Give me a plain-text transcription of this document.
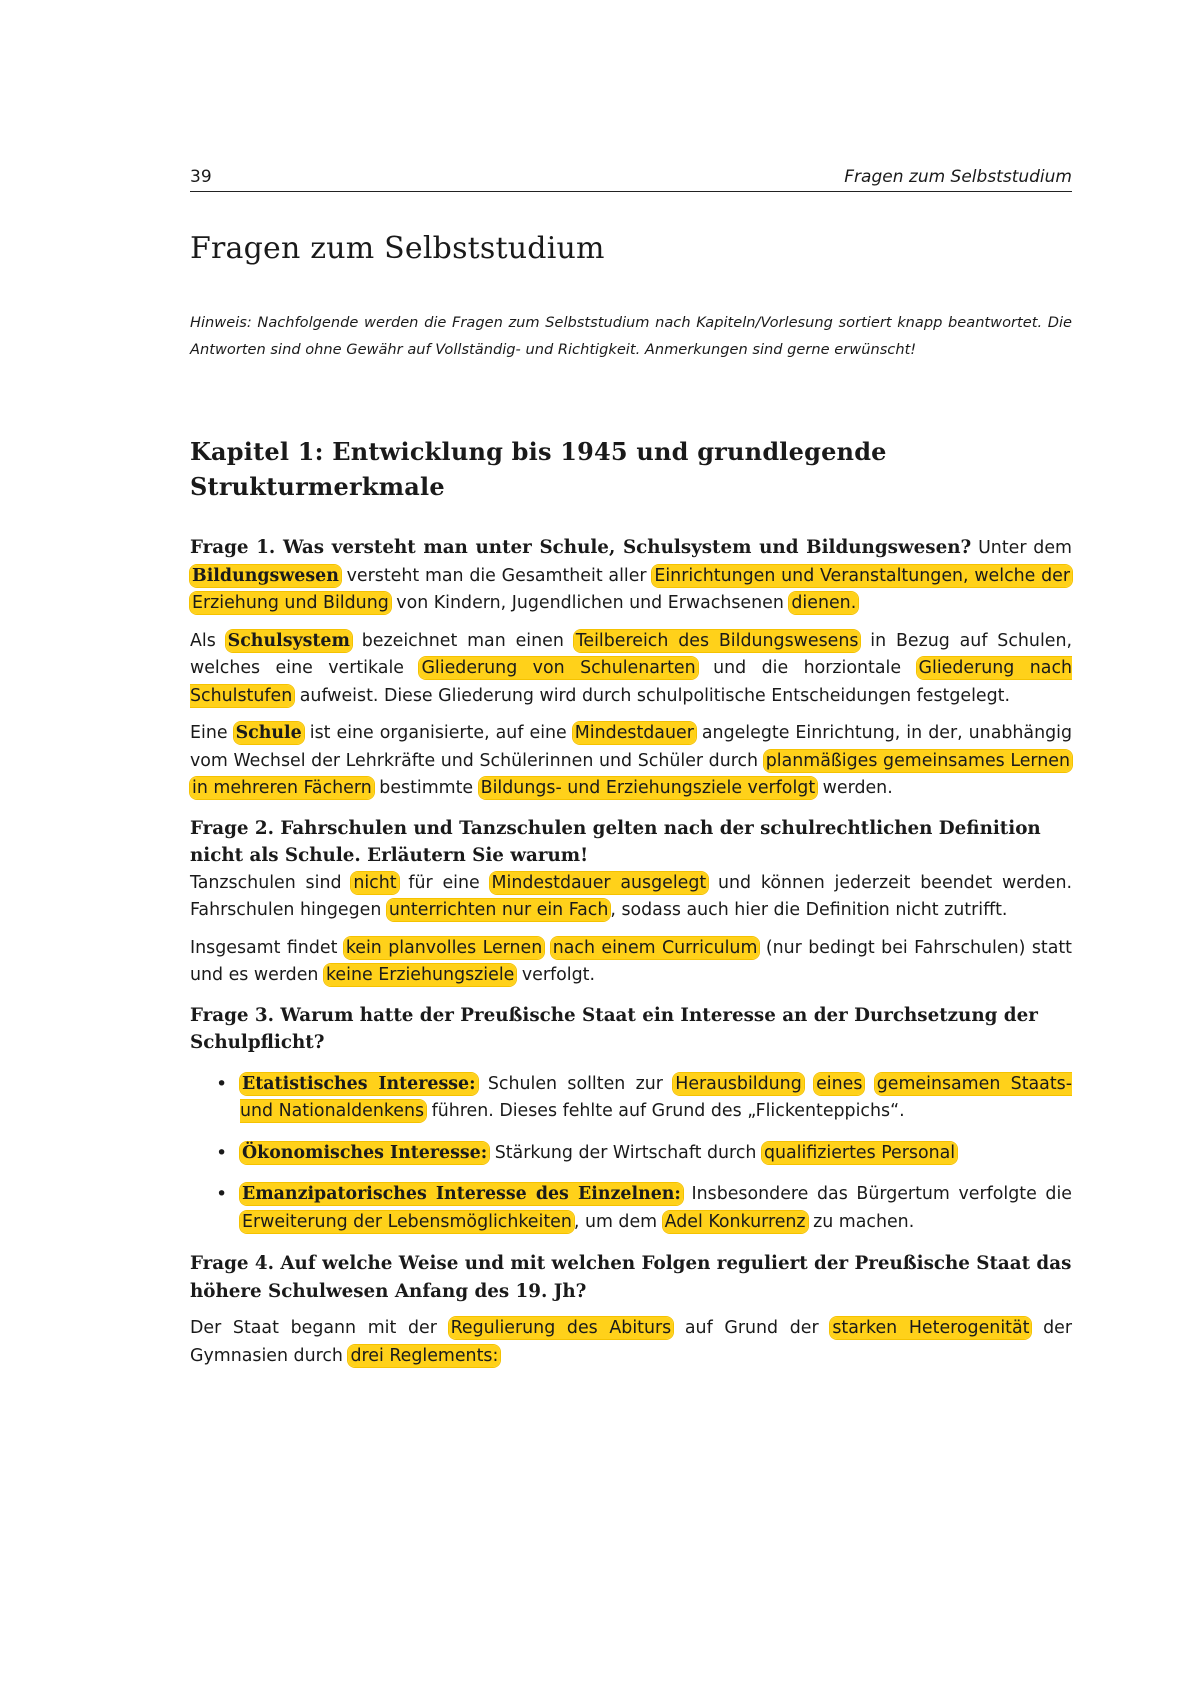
39	Fragen zum Selbststudium
Fragen zum Selbststudium

Hinweis: Nachfolgende werden die Fragen zum Selbststudium nach Kapiteln/Vorlesung sortiert knapp beantwortet. Die Antworten sind ohne Gewähr auf Vollständig- und Richtigkeit. Anmerkungen sind gerne erwünscht!

Kapitel 1: Entwicklung bis 1945 und grundlegende Strukturmerkmale

Frage 1. Was versteht man unter Schule, Schulsystem und Bildungswesen? Unter dem Bildungswesen versteht man die Gesamtheit aller Einrichtungen und Veranstaltungen, welche der Erziehung und Bildung von Kindern, Jugendlichen und Erwachsenen dienen.

Als Schulsystem bezeichnet man einen Teilbereich des Bildungswesens in Bezug auf Schulen, welches eine vertikale Gliederung von Schulenarten und die horziontale Gliederung nach Schulstufen aufweist. Diese Gliederung wird durch schulpolitische Entscheidungen festgelegt.

Eine Schule ist eine organisierte, auf eine Mindestdauer angelegte Einrichtung, in der, unabhängig vom Wechsel der Lehrkräfte und Schülerinnen und Schüler durch planmäßiges gemeinsames Lernen in mehreren Fächern bestimmte Bildungs- und Erziehungsziele verfolgt werden.

Frage 2. Fahrschulen und Tanzschulen gelten nach der schulrechtlichen Definition nicht als Schule. Erläutern Sie warum!

Tanzschulen sind nicht für eine Mindestdauer ausgelegt und können jederzeit beendet werden. Fahrschulen hingegen unterrichten nur ein Fach , sodass auch hier die Definition nicht zutrifft.

Insgesamt findet kein planvolles Lernen nach einem Curriculum (nur bedingt bei Fahrschulen) statt und es werden keine Erziehungsziele verfolgt.

Frage 3. Warum hatte der Preußische Staat ein Interesse an der Durchsetzung der Schulpflicht?

• Etatistisches Interesse: Schulen sollten zur Herausbildung eines gemeinsamen Staats- und Nationaldenkens führen. Dieses fehlte auf Grund des „Flickenteppichs“.
• Ökonomisches Interesse: Stärkung der Wirtschaft durch qualifiziertes Personal
• Emanzipatorisches Interesse des Einzelnen: Insbesondere das Bürgertum verfolgte die Erweiterung der Lebensmöglichkeiten , um dem Adel Konkurrenz zu machen.

Frage 4. Auf welche Weise und mit welchen Folgen reguliert der Preußische Staat das höhere Schulwesen Anfang des 19. Jh?

Der Staat begann mit der Regulierung des Abiturs auf Grund der starken Heterogenität der Gymnasien durch drei Reglements:
